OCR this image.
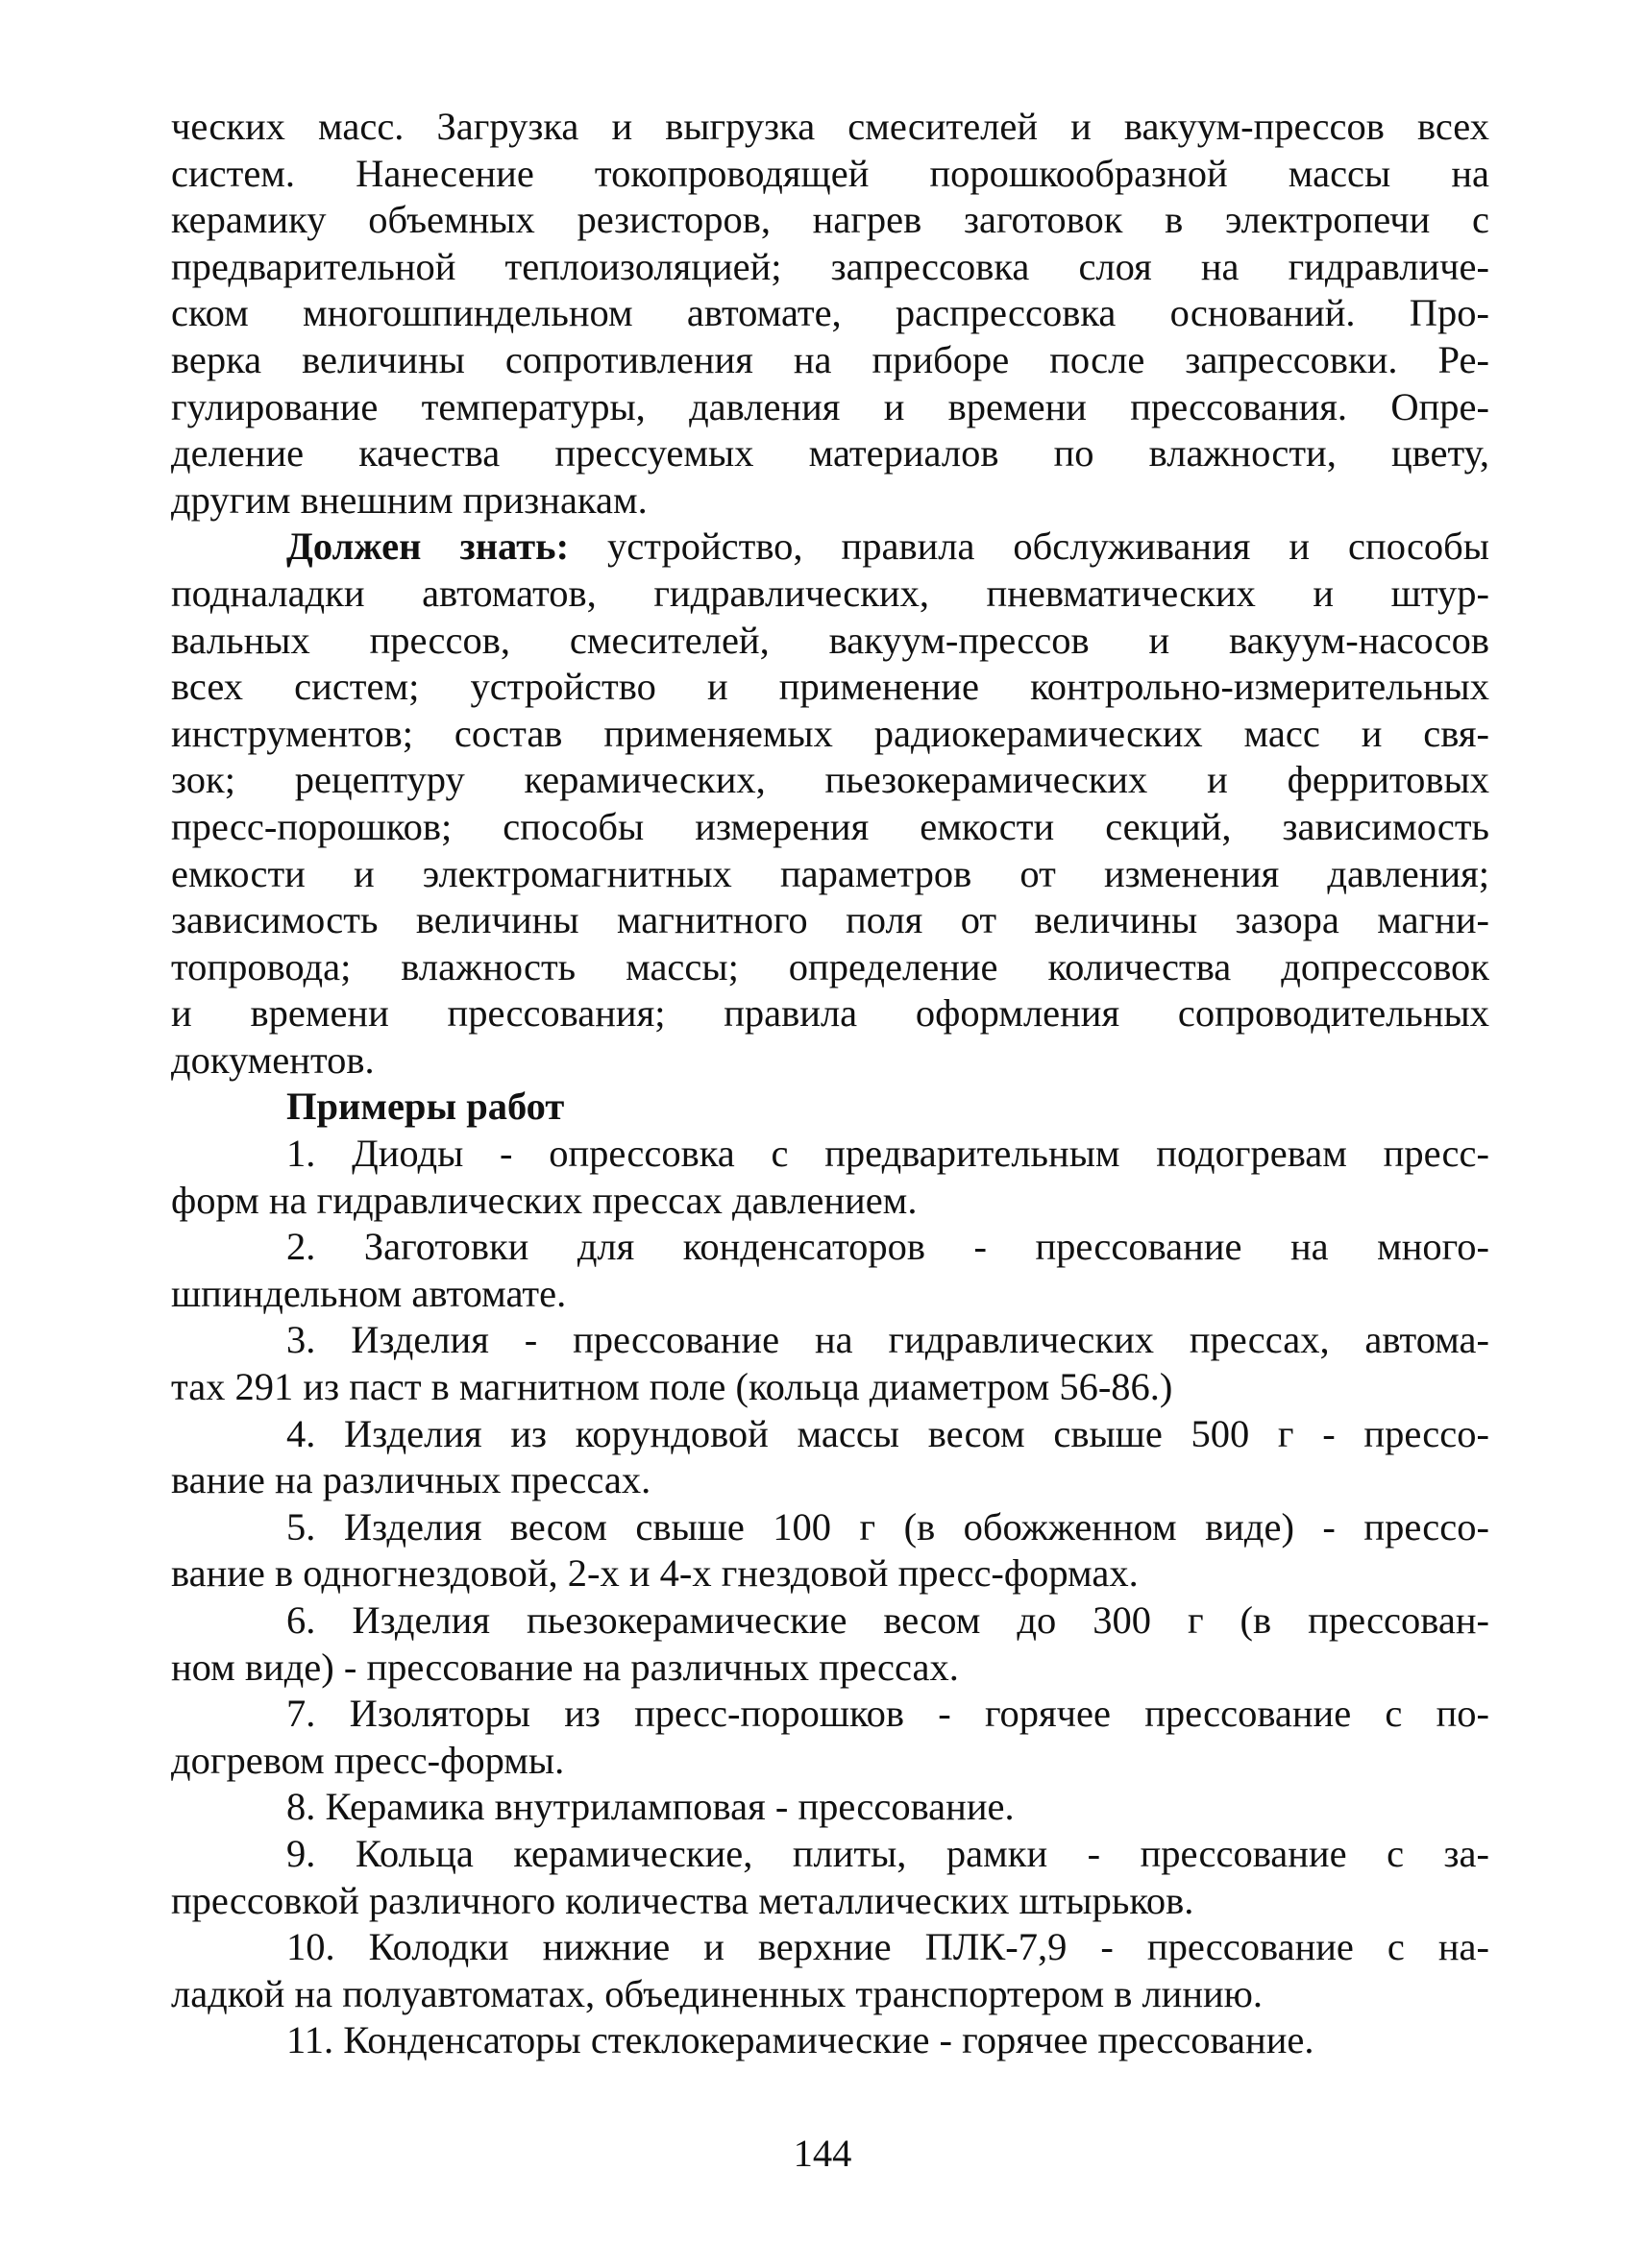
ческих масс. Загрузка и выгрузка смесителей и вакуум-прессов всех
систем. Нанесение токопроводящей порошкообразной массы на
керамику объемных резисторов, нагрев заготовок в электропечи с
предварительной теплоизоляцией; запрессовка слоя на гидравличе-
ском многошпиндельном автомате, распрессовка оснований. Про-
верка величины сопротивления на приборе после запрессовки. Ре-
гулирование температуры, давления и времени прессования. Опре-
деление качества прессуемых материалов по влажности, цвету,
другим внешним признакам.
Должен знать: устройство, правила обслуживания и способы
подналадки автоматов, гидравлических, пневматических и штур-
вальных прессов, смесителей, вакуум-прессов и вакуум-насосов
всех систем; устройство и применение контрольно-измерительных
инструментов; состав применяемых радиокерамических масс и свя-
зок; рецептуру керамических, пьезокерамических и ферритовых
пресс-порошков; способы измерения емкости секций, зависимость
емкости и электромагнитных параметров от изменения давления;
зависимость величины магнитного поля от величины зазора магни-
топровода; влажность массы; определение количества допрессовок
и времени прессования; правила оформления сопроводительных
документов.
Примеры работ
1. Диоды - опрессовка с предварительным подогревам пресс-
форм на гидравлических прессах давлением.
2. Заготовки для конденсаторов - прессование на много-
шпиндельном автомате.
3. Изделия - прессование на гидравлических прессах, автома-
тах 291 из паст в магнитном поле (кольца диаметром 56-86.)
4. Изделия из корундовой массы весом свыше 500 г - прессо-
вание на различных прессах.
5. Изделия весом свыше 100 г (в обожженном виде) - прессо-
вание в одногнездовой, 2-х и 4-х гнездовой пресс-формах.
6. Изделия пьезокерамические весом до 300 г (в прессован-
ном виде) - прессование на различных прессах.
7. Изоляторы из пресс-порошков - горячее прессование с по-
догревом пресс-формы.
8. Керамика внутриламповая - прессование.
9. Кольца керамические, плиты, рамки - прессование с за-
прессовкой различного количества металлических штырьков.
10. Колодки нижние и верхние ПЛК-7,9 - прессование с на-
ладкой на полуавтоматах, объединенных транспортером в линию.
11. Конденсаторы стеклокерамические - горячее прессование.
144
